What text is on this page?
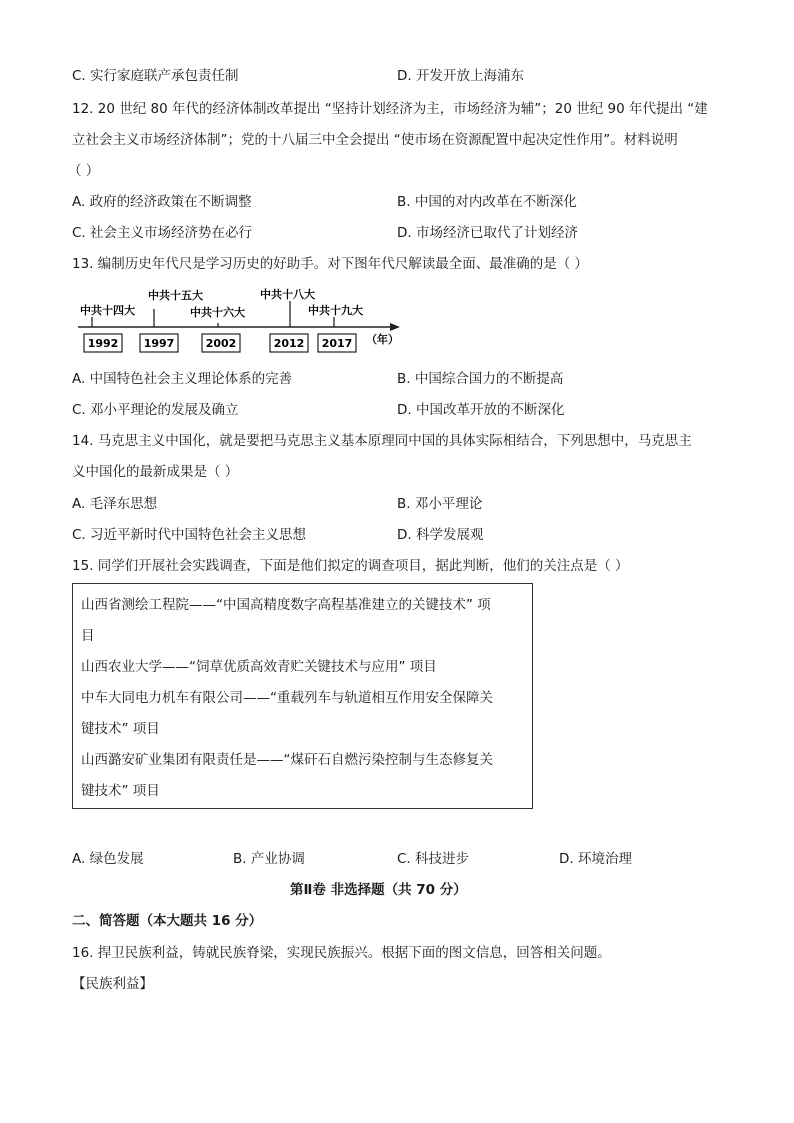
C. 实行家庭联产承包责任制	D. 开发开放上海浦东
12. 20 世纪 80 年代的经济体制改革提出 “坚持计划经济为主，市场经济为辅”；20 世纪 90 年代提出 “建
立社会主义市场经济体制”；党的十八届三中全会提出 “使市场在资源配置中起决定性作用”。材料说明
（ ）
A. 政府的经济政策在不断调整	B. 中国的对内改革在不断深化
C. 社会主义市场经济势在必行	D. 市场经济已取代了计划经济
13. 编制历史年代尺是学习历史的好助手。对下图年代尺解读最全面、最准确的是（ ）
中共十四大
中共十五大
中共十六大
中共十八大
中共十九大
1992 1997	2002	2012 2017 （年）
A. 中国特色社会主义理论体系的完善	B. 中国综合国力的不断提高
C. 邓小平理论的发展及确立	D. 中国改革开放的不断深化
14. 马克思主义中国化，就是要把马克思主义基本原理同中国的具体实际相结合，下列思想中，马克思主
义中国化的最新成果是（ ）
A. 毛泽东思想	B. 邓小平理论
C. 习近平新时代中国特色社会主义思想	D. 科学发展观
15. 同学们开展社会实践调查，下面是他们拟定的调查项目，据此判断，他们的关注点是（ ）
山西省测绘工程院——“中国高精度数字高程基准建立的关键技术” 项
目
山西农业大学——“饲草优质高效青贮关键技术与应用” 项目
中车大同电力机车有限公司——“重载列车与轨道相互作用安全保障关
键技术” 项目
山西潞安矿业集团有限责任是——“煤矸石自燃污染控制与生态修复关
键技术” 项目
A. 绿色发展	B. 产业协调	C. 科技进步	D. 环境治理
第Ⅱ卷 非选择题（共 70 分）
二、简答题（本大题共 16 分）
16. 捍卫民族利益，铸就民族脊梁，实现民族振兴。根据下面的图文信息，回答相关问题。
【民族利益】
